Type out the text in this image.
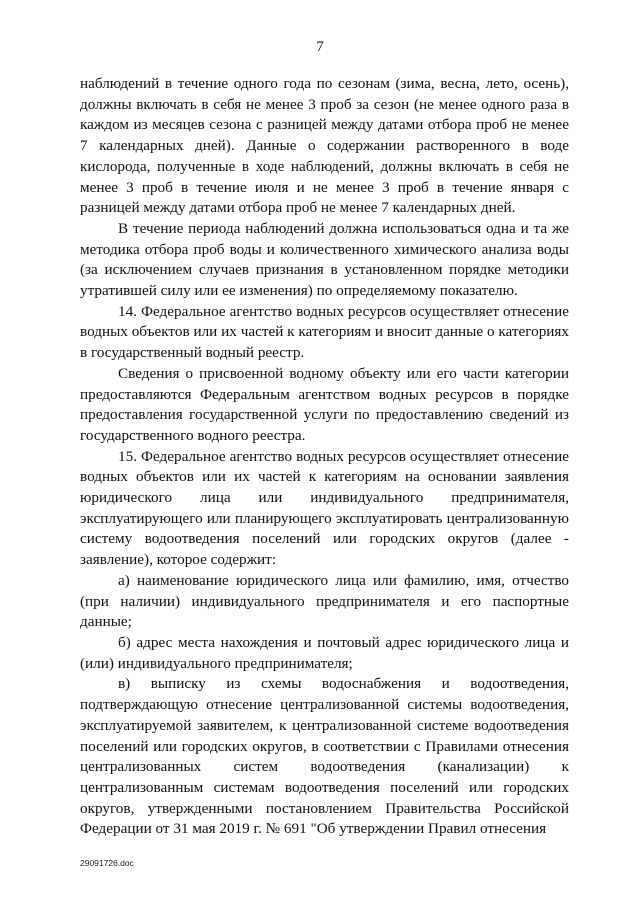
7

наблюдений в течение одного года по сезонам (зима, весна, лето, осень), должны включать в себя не менее 3 проб за сезон (не менее одного раза в каждом из месяцев сезона с разницей между датами отбора проб не менее 7 календарных дней). Данные о содержании растворенного в воде кислорода, полученные в ходе наблюдений, должны включать в себя не менее 3 проб в течение июля и не менее 3 проб в течение января с разницей между датами отбора проб не менее 7 календарных дней.

В течение периода наблюдений должна использоваться одна и та же методика отбора проб воды и количественного химического анализа воды (за исключением случаев признания в установленном порядке методики утратившей силу или ее изменения) по определяемому показателю.

14. Федеральное агентство водных ресурсов осуществляет отнесение водных объектов или их частей к категориям и вносит данные о категориях в государственный водный реестр.

Сведения о присвоенной водному объекту или его части категории предоставляются Федеральным агентством водных ресурсов в порядке предоставления государственной услуги по предоставлению сведений из государственного водного реестра.

15. Федеральное агентство водных ресурсов осуществляет отнесение водных объектов или их частей к категориям на основании заявления юридического лица или индивидуального предпринимателя, эксплуатирующего или планирующего эксплуатировать централизованную систему водоотведения поселений или городских округов (далее - заявление), которое содержит:

а) наименование юридического лица или фамилию, имя, отчество (при наличии) индивидуального предпринимателя и его паспортные данные;

б) адрес места нахождения и почтовый адрес юридического лица и (или) индивидуального предпринимателя;

в) выписку из схемы водоснабжения и водоотведения, подтверждающую отнесение централизованной системы водоотведения, эксплуатируемой заявителем, к централизованной системе водоотведения поселений или городских округов, в соответствии с Правилами отнесения централизованных систем водоотведения (канализации) к централизованным системам водоотведения поселений или городских округов, утвержденными постановлением Правительства Российской Федерации от 31 мая 2019 г. № 691 "Об утверждении Правил отнесения

29091726.doc
